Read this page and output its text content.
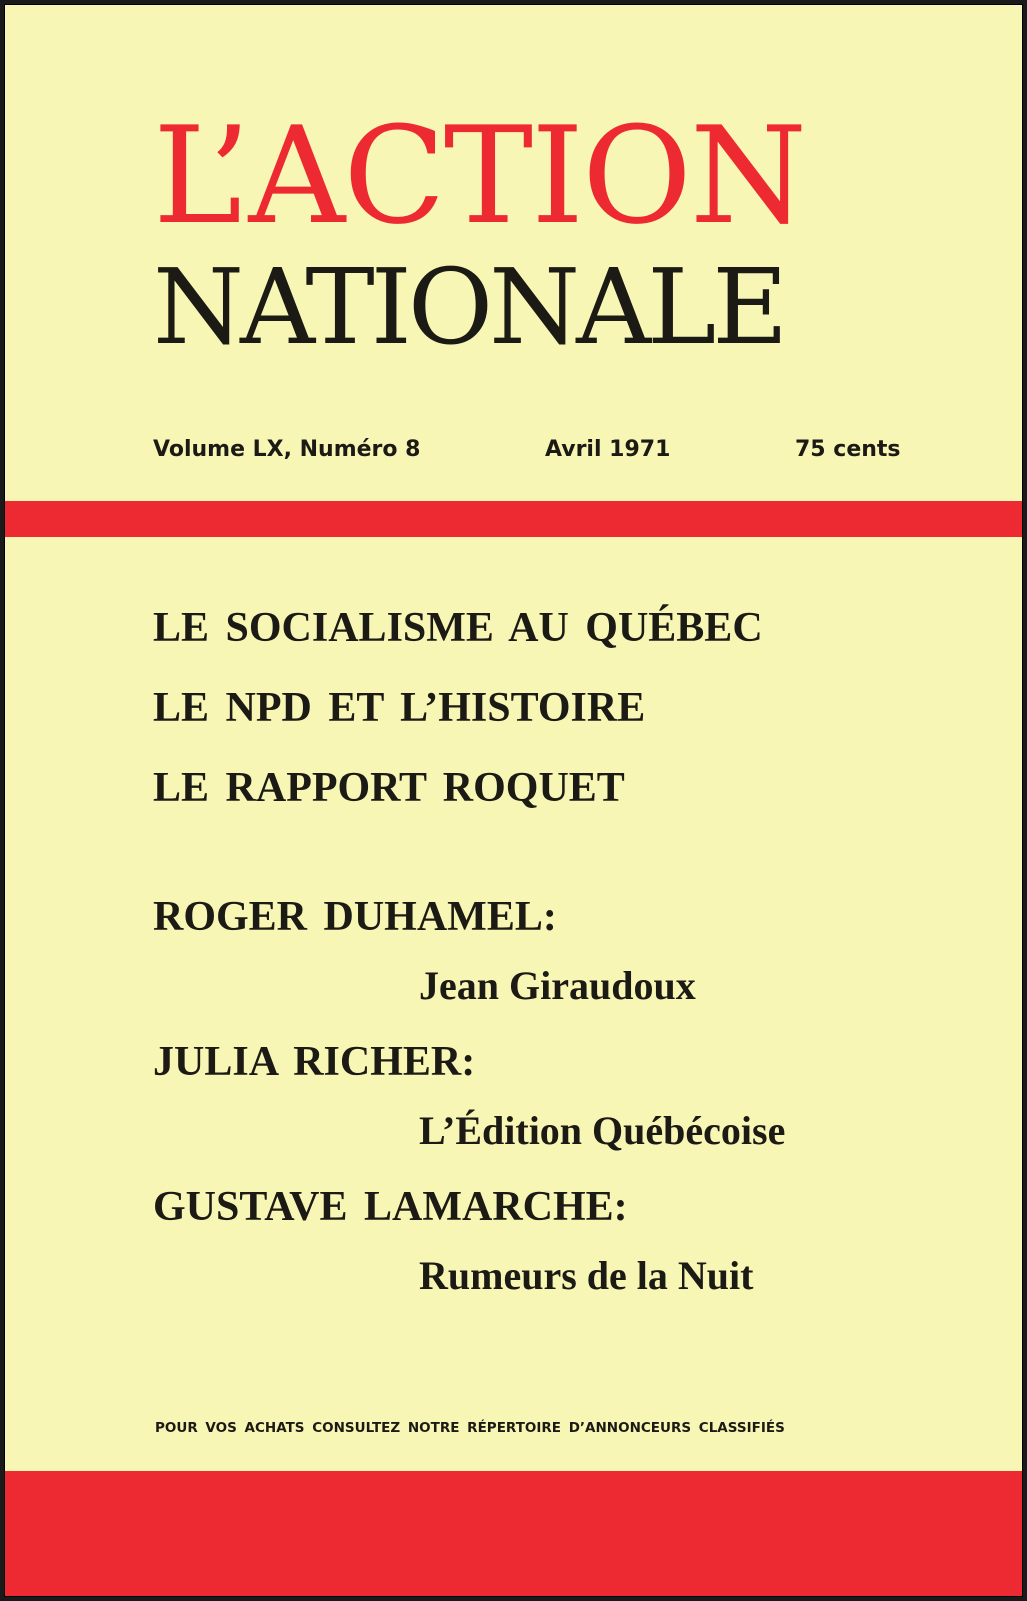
L’ACTION
NATIONALE
Volume LX, Numéro 8	Avril 1971	75 cents
LE SOCIALISME AU QUÉBEC
LE NPD ET L’HISTOIRE
LE RAPPORT ROQUET
ROGER DUHAMEL:
Jean Giraudoux
JULIA RICHER:
L’Édition Québécoise
GUSTAVE LAMARCHE:
Rumeurs de la Nuit
POUR VOS ACHATS CONSULTEZ NOTRE RÉPERTOIRE D’ANNONCEURS CLASSIFIÉS
